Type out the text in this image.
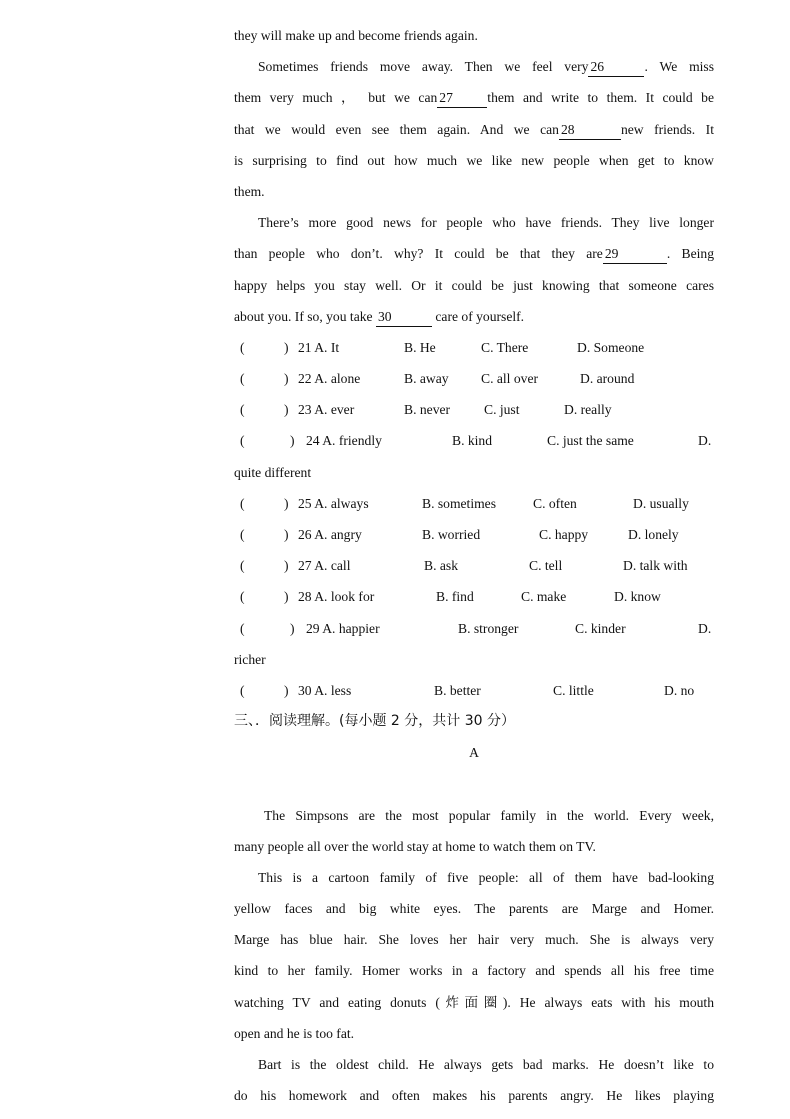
they will make up and become friends again.
Sometimes friends move away. Then we feel very 26	. We miss
them very much ， but we can 27	them and write to them. It could be
that we would even see them again. And we can 28	new friends. It
is surprising to find out how much we like new people when get to know
them.
There’s more good news for people who have friends. They live longer
than people who don’t. why? It could be that they are 29	. Being
happy helps you stay well. Or it could be just knowing that someone cares
about you. If so, you take 30	care of yourself.
(	) 21 A. It	B. He	C. There	D. Someone
(	) 22 A. alone	B. away C. all over	D. around
(	) 23 A. ever	B. never C. just	D. really
(	) 24 A. friendly	B. kind	C. just the same	D.
quite different
(	) 25 A. always	B. sometimes	C. often	D. usually
(	) 26 A. angry	B. worried	C. happy	D. lonely
(	) 27 A. call	B. ask	C. tell	D. talk with
(	) 28 A. look for	B. find	C. make	D. know
(	) 29 A. happier	B. stronger	C. kinder	D.
richer
(	) 30 A. less	B. better	C. little	D. no
三、．阅读理解。(每小题 2 分，共计 30 分）
A
The Simpsons are the most popular family in the world. Every week,
many people all over the world stay at home to watch them on TV.
This is a cartoon family of five people: all of them have bad-looking
yellow faces and big white eyes. The parents are Marge and Homer.
Marge has blue hair. She loves her hair very much. She is always very
kind to her family. Homer works in a factory and spends all his free time
watching TV and eating donuts (炸面圈). He always eats with his mouth
open and he is too fat.
Bart is the oldest child. He always gets bad marks. He doesn’t like to
do his homework and often makes his parents angry. He likes playing
